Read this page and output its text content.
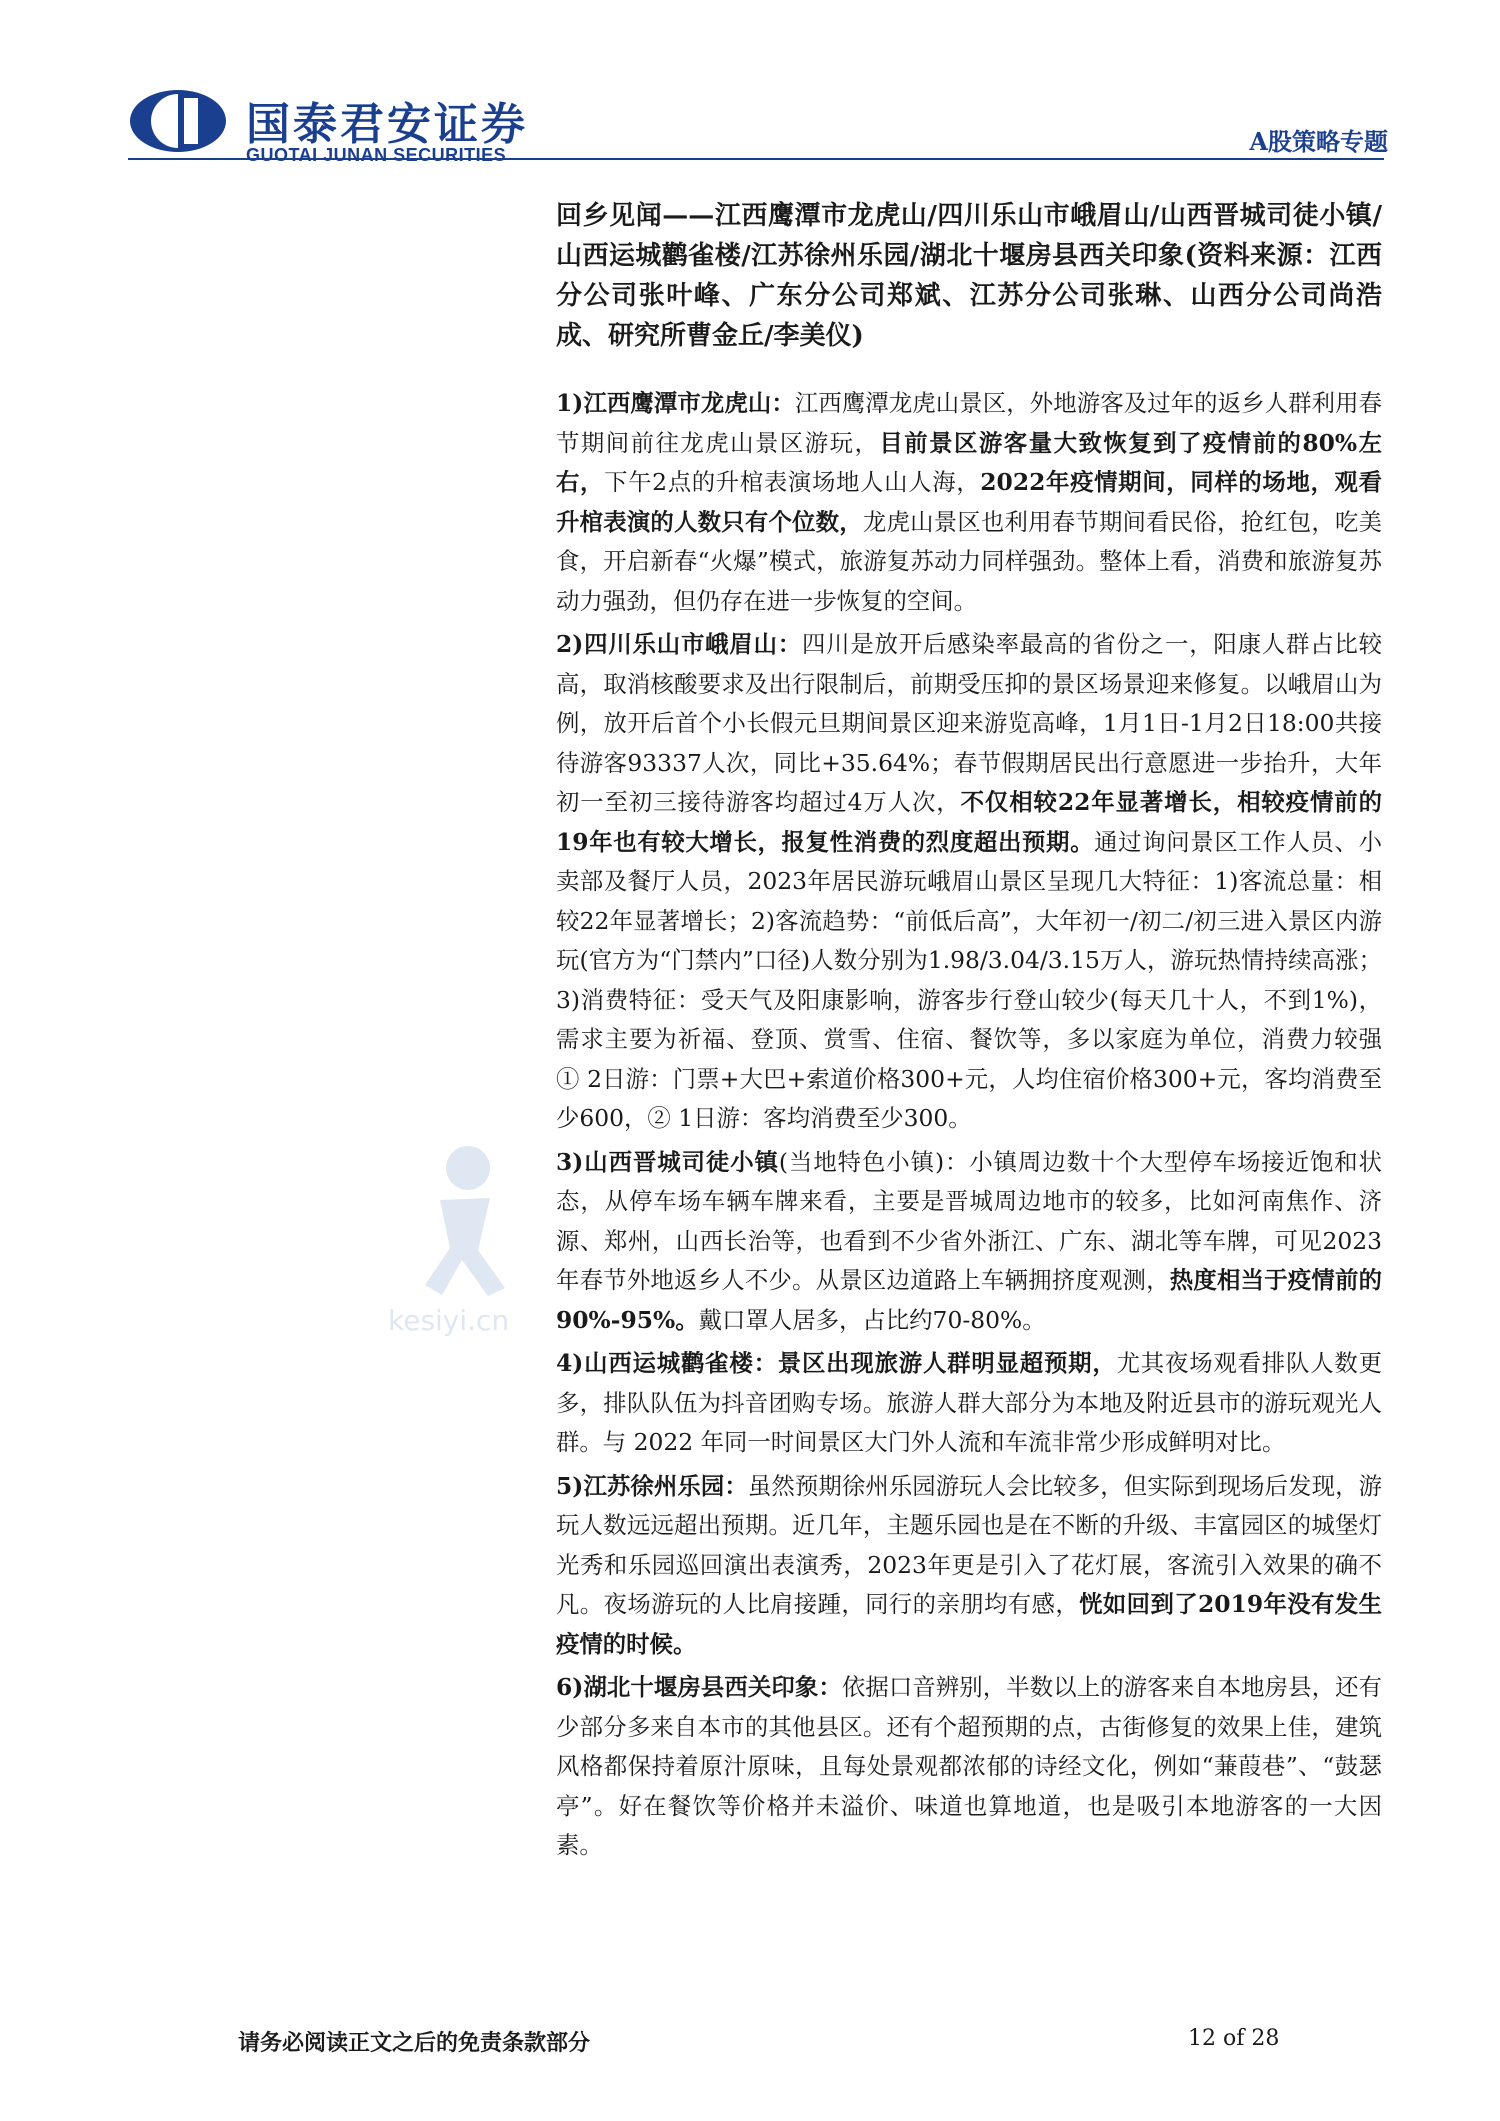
国泰君安证券
GUOTAI JUNAN SECURITIES	A股策略专题
kesiyi.cn
回乡见闻——江西鹰潭市龙虎山/四川乐山市峨眉山/山西晋城司徒小镇/山西运城鹳雀楼/江苏徐州乐园/湖北十堰房县西关印象(资料来源：江西分公司张叶峰、广东分公司郑斌、江苏分公司张琳、山西分公司尚浩成、研究所曹金丘/李美仪)
1)江西鹰潭市龙虎山：江西鹰潭龙虎山景区，外地游客及过年的返乡人群利用春节期间前往龙虎山景区游玩，目前景区游客量大致恢复到了疫情前的80%左右，下午2点的升棺表演场地人山人海，2022年疫情期间，同样的场地，观看升棺表演的人数只有个位数，龙虎山景区也利用春节期间看民俗，抢红包，吃美食，开启新春“火爆”模式，旅游复苏动力同样强劲。整体上看，消费和旅游复苏动力强劲，但仍存在进一步恢复的空间。
2)四川乐山市峨眉山：四川是放开后感染率最高的省份之一，阳康人群占比较高，取消核酸要求及出行限制后，前期受压抑的景区场景迎来修复。以峨眉山为例，放开后首个小长假元旦期间景区迎来游览高峰，1月1日-1月2日18:00共接待游客93337人次，同比+35.64%；春节假期居民出行意愿进一步抬升，大年初一至初三接待游客均超过4万人次，不仅相较22年显著增长，相较疫情前的19年也有较大增长，报复性消费的烈度超出预期。通过询问景区工作人员、小卖部及餐厅人员，2023年居民游玩峨眉山景区呈现几大特征：1)客流总量：相较22年显著增长；2)客流趋势：“前低后高”，大年初一/初二/初三进入景区内游玩(官方为“门禁内”口径)人数分别为1.98/3.04/3.15万人，游玩热情持续高涨；3)消费特征：受天气及阳康影响，游客步行登山较少(每天几十人，不到1%)，需求主要为祈福、登顶、赏雪、住宿、餐饮等，多以家庭为单位，消费力较强 ① 2日游：门票+大巴+索道价格300+元，人均住宿价格300+元，客均消费至少600，② 1日游：客均消费至少300。
3)山西晋城司徒小镇(当地特色小镇)：小镇周边数十个大型停车场接近饱和状态，从停车场车辆车牌来看，主要是晋城周边地市的较多，比如河南焦作、济源、郑州，山西长治等，也看到不少省外浙江、广东、湖北等车牌，可见2023年春节外地返乡人不少。从景区边道路上车辆拥挤度观测，热度相当于疫情前的90%-95%。戴口罩人居多，占比约70-80%。
4)山西运城鹳雀楼：景区出现旅游人群明显超预期，尤其夜场观看排队人数更多，排队队伍为抖音团购专场。旅游人群大部分为本地及附近县市的游玩观光人群。与 2022 年同一时间景区大门外人流和车流非常少形成鲜明对比。
5)江苏徐州乐园：虽然预期徐州乐园游玩人会比较多，但实际到现场后发现，游玩人数远远超出预期。近几年，主题乐园也是在不断的升级、丰富园区的城堡灯光秀和乐园巡回演出表演秀，2023年更是引入了花灯展，客流引入效果的确不凡。夜场游玩的人比肩接踵，同行的亲朋均有感，恍如回到了2019年没有发生疫情的时候。
6)湖北十堰房县西关印象：依据口音辨别，半数以上的游客来自本地房县，还有少部分多来自本市的其他县区。还有个超预期的点，古街修复的效果上佳，建筑风格都保持着原汁原味，且每处景观都浓郁的诗经文化，例如“蒹葭巷”、“鼓瑟亭”。好在餐饮等价格并未溢价、味道也算地道，也是吸引本地游客的一大因素。
请务必阅读正文之后的免责条款部分	12 of 28
